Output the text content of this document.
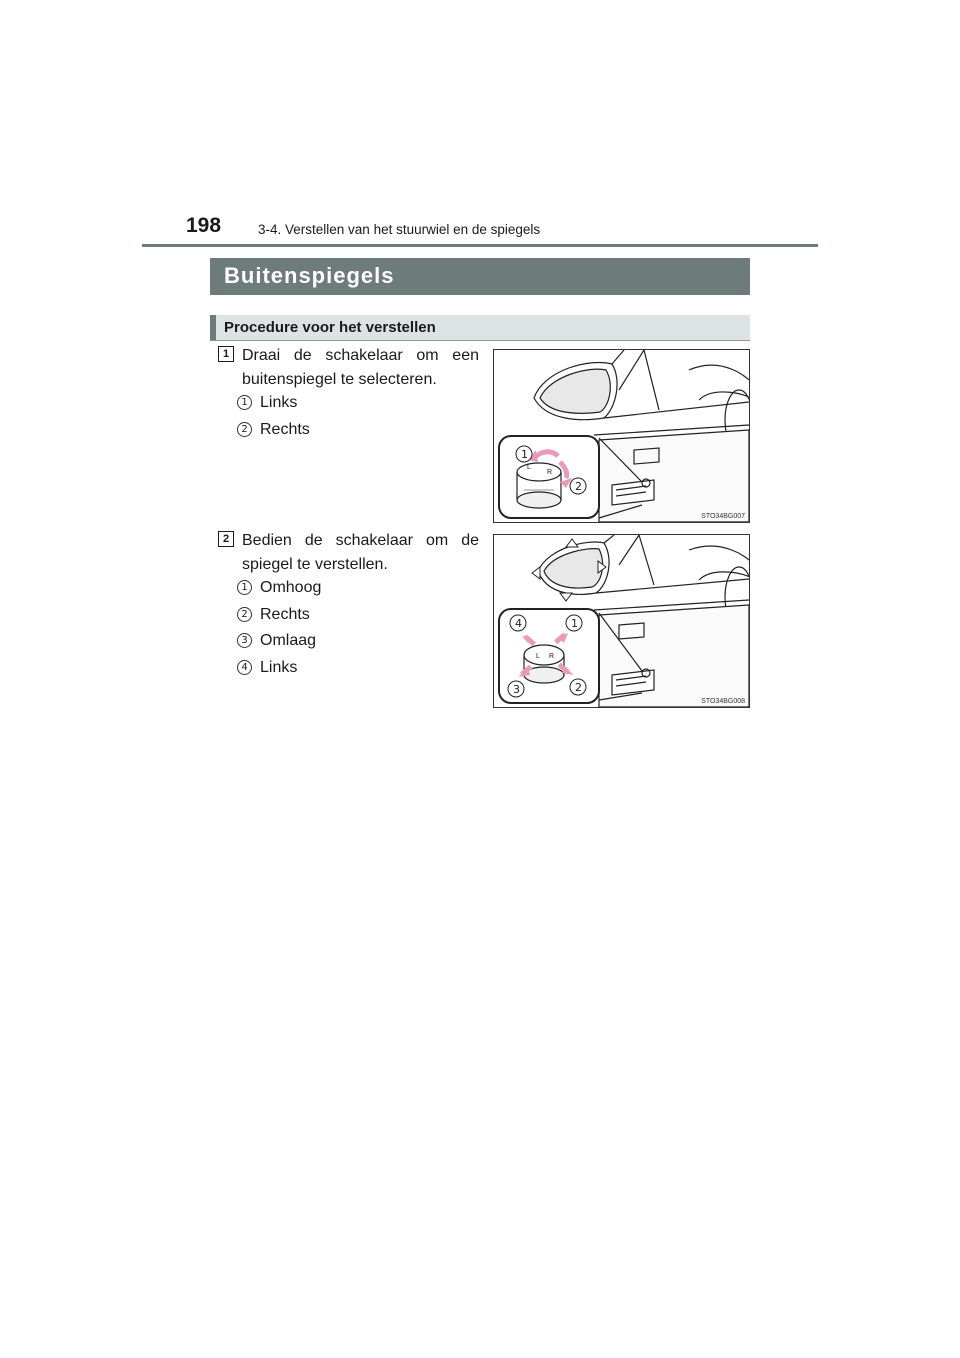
198	3-4. Verstellen van het stuurwiel en de spiegels
Buitenspiegels
Procedure voor het verstellen
1 Draai de schakelaar om een buitenspiegel te selecteren.
1 Links
2 Rechts
L
R
1
2
STO34BG007
2 Bedien de schakelaar om de spiegel te verstellen.
1 Omhoog
2 Rechts
3 Omlaag
4 Links
L R
4	1
3	2
STO34BG008
